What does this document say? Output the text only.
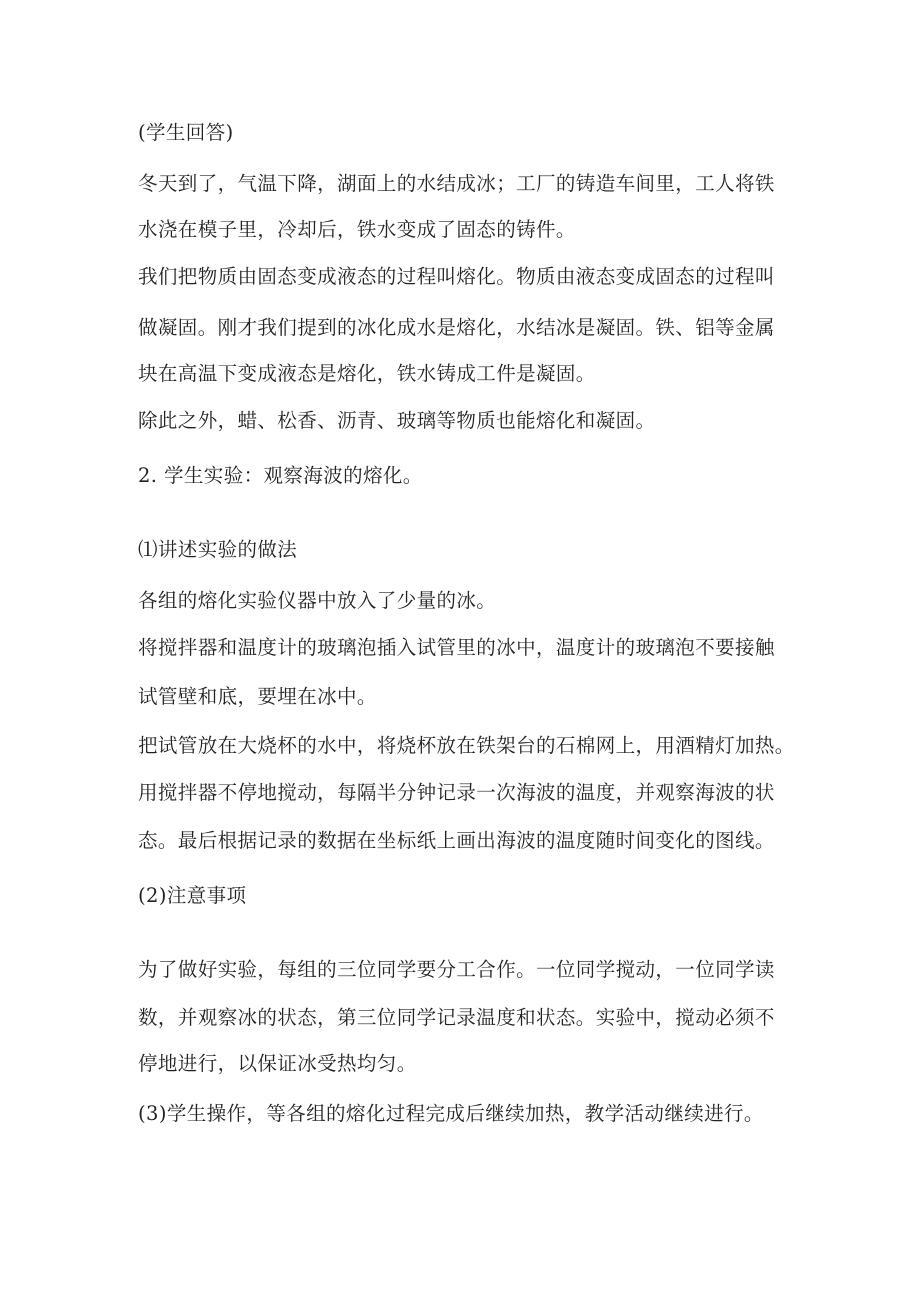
(学生回答)
冬天到了，气温下降，湖面上的水结成冰；工厂的铸造车间里，工人将铁
水浇在模子里，冷却后，铁水变成了固态的铸件。
我们把物质由固态变成液态的过程叫熔化。物质由液态变成固态的过程叫
做凝固。刚才我们提到的冰化成水是熔化，水结冰是凝固。铁、铝等金属
块在高温下变成液态是熔化，铁水铸成工件是凝固。
除此之外，蜡、松香、沥青、玻璃等物质也能熔化和凝固。
2. 学生实验：观察海波的熔化。
⑴讲述实验的做法
各组的熔化实验仪器中放入了少量的冰。
将搅拌器和温度计的玻璃泡插入试管里的冰中，温度计的玻璃泡不要接触
试管壁和底，要埋在冰中。
把试管放在大烧杯的水中，将烧杯放在铁架台的石棉网上，用酒精灯加热。
用搅拌器不停地搅动，每隔半分钟记录一次海波的温度，并观察海波的状
态。最后根据记录的数据在坐标纸上画出海波的温度随时间变化的图线。
(2)注意事项
为了做好实验，每组的三位同学要分工合作。一位同学搅动，一位同学读
数，并观察冰的状态，第三位同学记录温度和状态。实验中，搅动必须不
停地进行，以保证冰受热均匀。
(3)学生操作，等各组的熔化过程完成后继续加热，教学活动继续进行。
